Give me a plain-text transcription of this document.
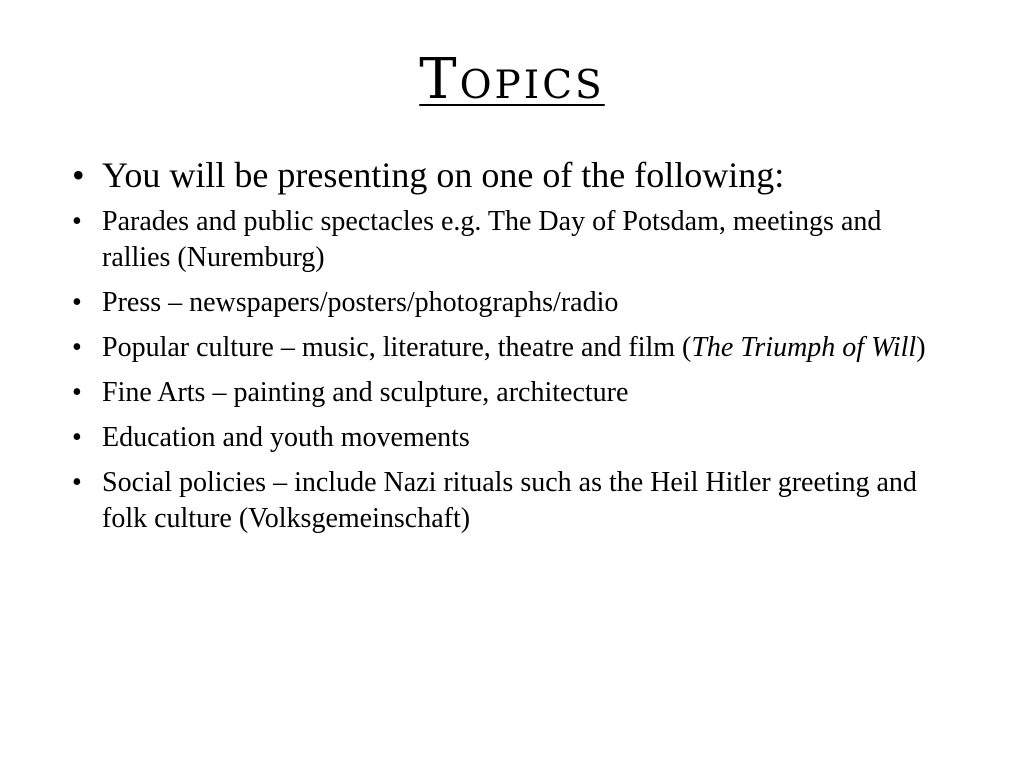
Topics
• You will be presenting on one of the following:
• Parades and public spectacles e.g. The Day of Potsdam, meetings and rallies (Nuremburg)
• Press – newspapers/posters/photographs/radio
• Popular culture – music, literature, theatre and film (The Triumph of Will)
• Fine Arts – painting and sculpture, architecture
• Education and youth movements
• Social policies – include Nazi rituals such as the Heil Hitler greeting and folk culture (Volksgemeinschaft)
